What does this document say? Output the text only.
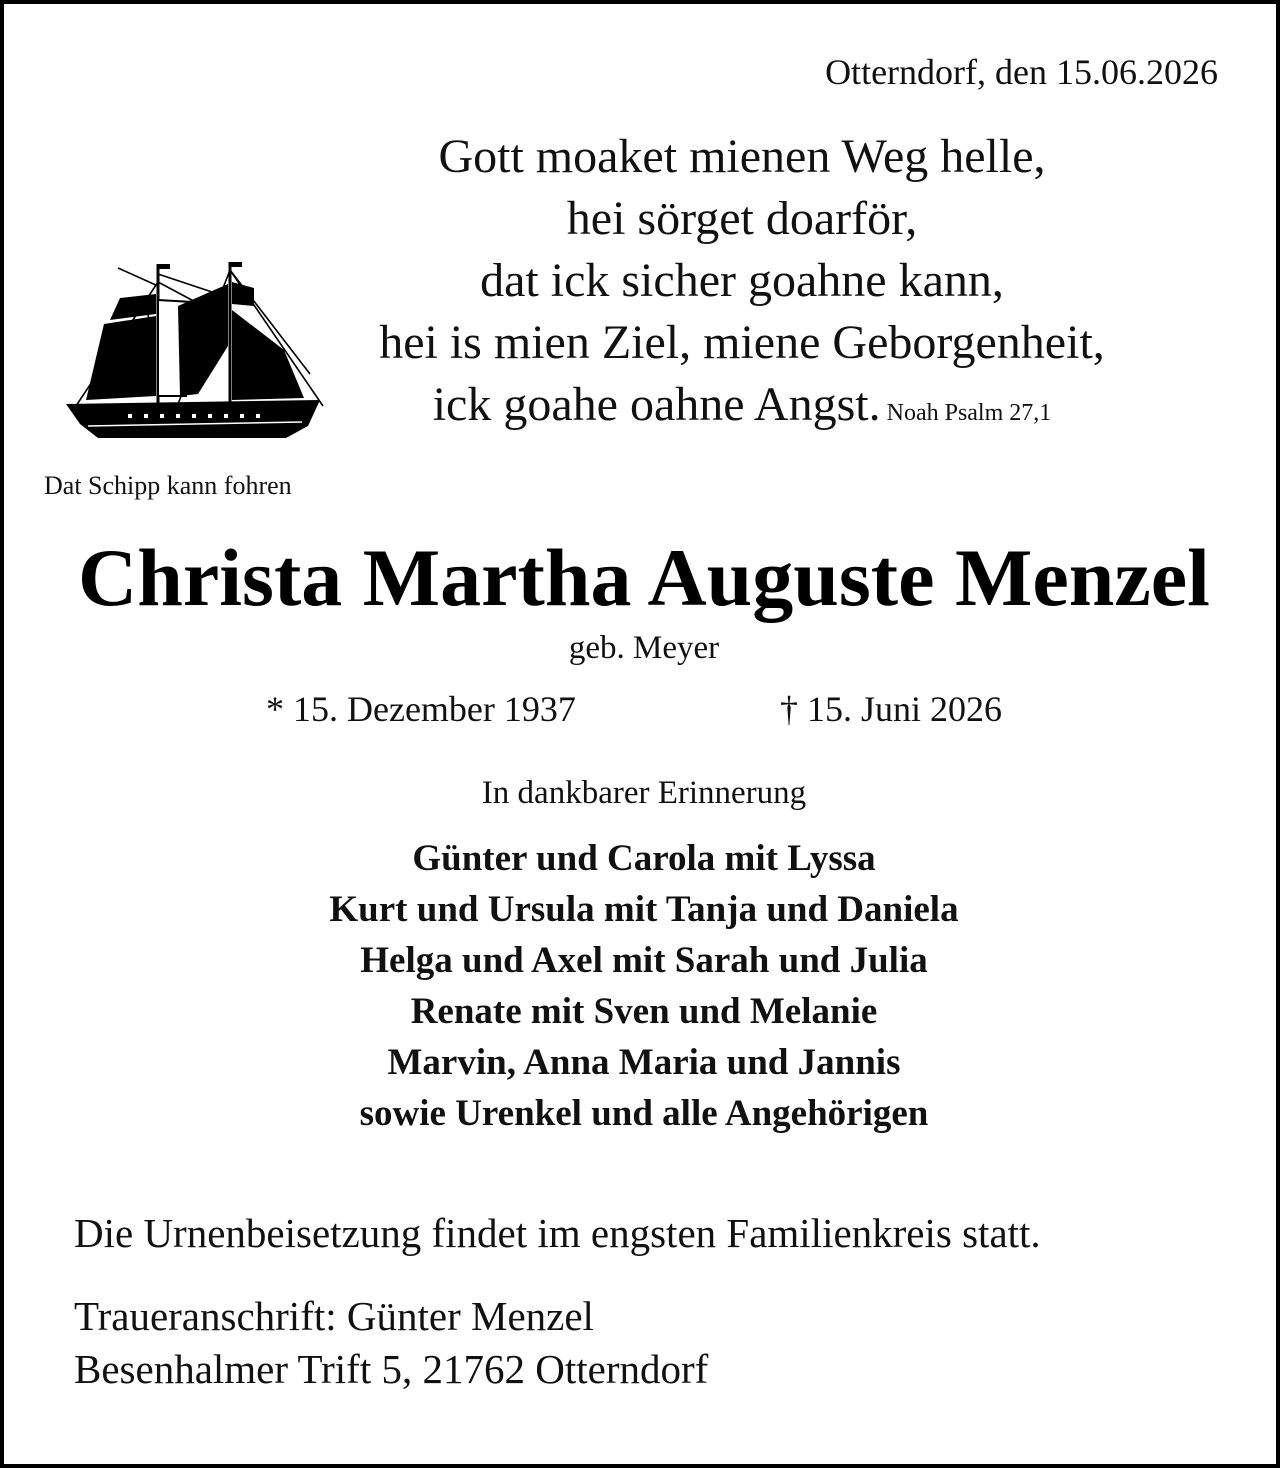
Otterndorf, den 15.06.2026
Gott moaket mienen Weg helle,
hei sörget doarför,
dat ick sicher goahne kann,
hei is mien Ziel, miene Geborgenheit,
ick goahe oahne Angst. Noah Psalm 27,1
Dat Schipp kann fohren
Christa Martha Auguste Menzel
geb. Meyer
* 15. Dezember 1937	† 15. Juni 2026
In dankbarer Erinnerung
Günter und Carola mit Lyssa
Kurt und Ursula mit Tanja und Daniela
Helga und Axel mit Sarah und Julia
Renate mit Sven und Melanie
Marvin, Anna Maria und Jannis
sowie Urenkel und alle Angehörigen
Die Urnenbeisetzung findet im engsten Familienkreis statt.
Traueranschrift: Günter Menzel
Besenhalmer Trift 5, 21762 Otterndorf
